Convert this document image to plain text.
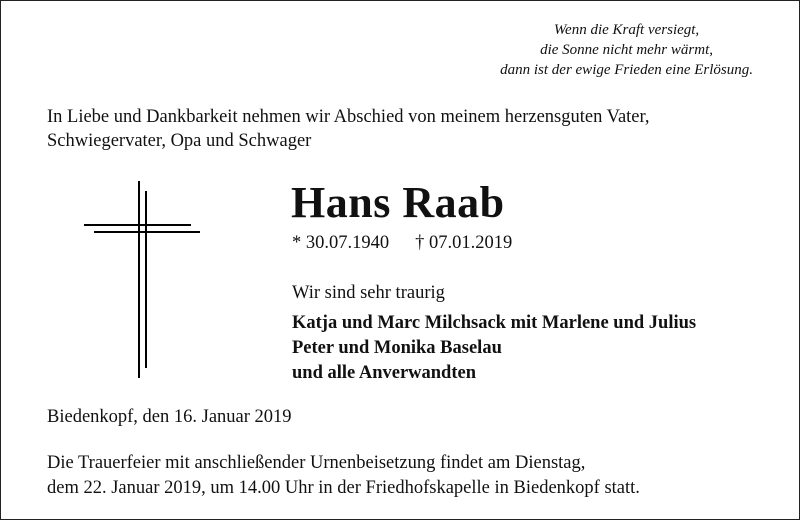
Wenn die Kraft versiegt,
die Sonne nicht mehr wärmt,
dann ist der ewige Frieden eine Erlösung.
In Liebe und Dankbarkeit nehmen wir Abschied von meinem herzensguten Vater,
Schwiegervater, Opa und Schwager
Hans Raab
* 30.07.1940 † 07.01.2019
Wir sind sehr traurig
Katja und Marc Milchsack mit Marlene und Julius
Peter und Monika Baselau
und alle Anverwandten
Biedenkopf, den 16. Januar 2019
Die Trauerfeier mit anschließender Urnenbeisetzung findet am Dienstag,
dem 22. Januar 2019, um 14.00 Uhr in der Friedhofskapelle in Biedenkopf statt.
